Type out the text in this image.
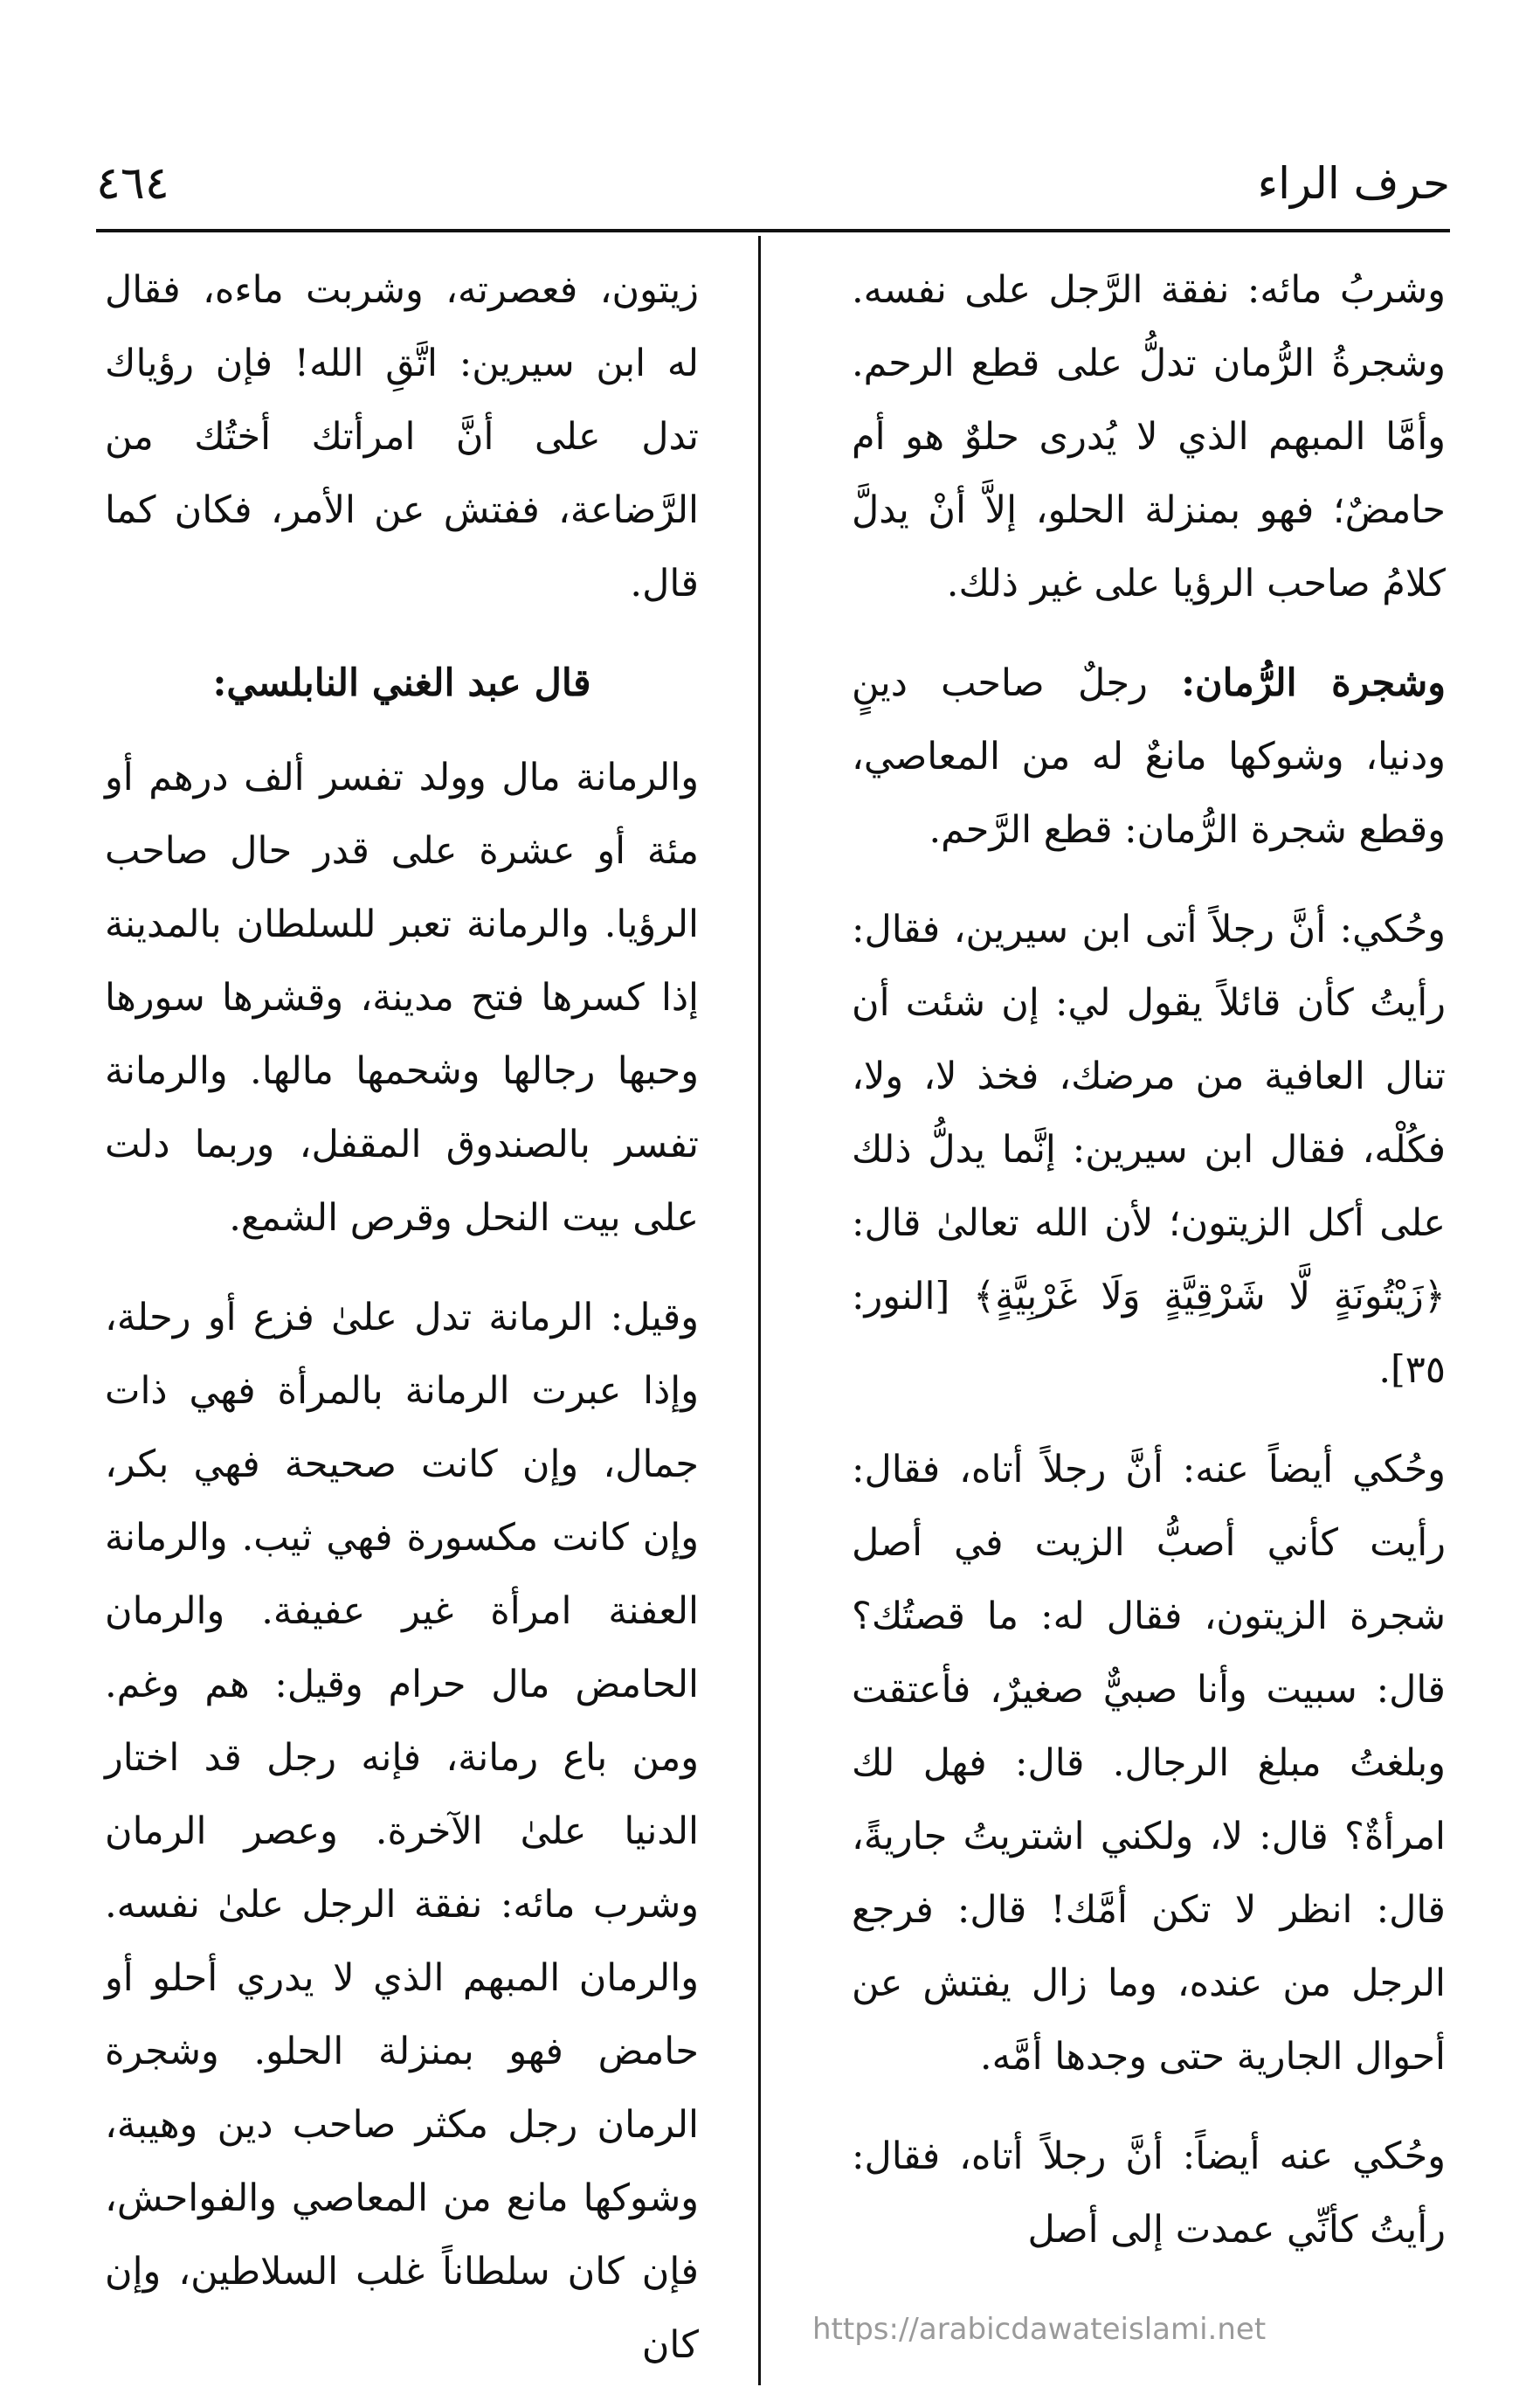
حرف الراء
٤٦٤

وشربُ مائه: نفقة الرَّجل على نفسه. وشجرةُ الرُّمان تدلُّ على قطع الرحم. وأمَّا المبهم الذي لا يُدرى حلوٌ هو أم حامضٌ؛ فهو بمنزلة الحلو، إلاَّ أنْ يدلَّ كلامُ صاحب الرؤيا على غير ذلك.

وشجرة الرُّمان: رجلٌ صاحب دينٍ ودنيا، وشوكها مانعٌ له من المعاصي، وقطع شجرة الرُّمان: قطع الرَّحم.

وحُكي: أنَّ رجلاً أتى ابن سيرين، فقال: رأيتُ كأن قائلاً يقول لي: إن شئت أن تنال العافية من مرضك، فخذ لا، ولا، فكُلْه، فقال ابن سيرين: إنَّما يدلُّ ذلك على أكل الزيتون؛ لأن الله تعالىٰ قال: ﴿زَيْتُونَةٍ لَّا شَرْقِيَّةٍ وَلَا غَرْبِيَّةٍ﴾ [النور: ٣٥].

وحُكي أيضاً عنه: أنَّ رجلاً أتاه، فقال: رأيت كأني أصبُّ الزيت في أصل شجرة الزيتون، فقال له: ما قصتُك؟ قال: سبيت وأنا صبيٌّ صغيرٌ، فأعتقت وبلغتُ مبلغ الرجال. قال: فهل لك امرأةٌ؟ قال: لا، ولكني اشتريتُ جاريةً، قال: انظر لا تكن أمَّك! قال: فرجع الرجل من عنده، وما زال يفتش عن أحوال الجارية حتى وجدها أمَّه.

وحُكي عنه أيضاً: أنَّ رجلاً أتاه، فقال: رأيتُ كأنِّي عمدت إلى أصل

زيتون، فعصرته، وشربت ماءه، فقال له ابن سيرين: اتَّقِ الله! فإن رؤياك تدل على أنَّ امرأتك أختُك من الرَّضاعة، ففتش عن الأمر، فكان كما قال.

قال عبد الغني النابلسي:

والرمانة مال وولد تفسر ألف درهم أو مئة أو عشرة على قدر حال صاحب الرؤيا. والرمانة تعبر للسلطان بالمدينة إذا كسرها فتح مدينة، وقشرها سورها وحبها رجالها وشحمها مالها. والرمانة تفسر بالصندوق المقفل، وربما دلت على بيت النحل وقرص الشمع.

وقيل: الرمانة تدل علىٰ فزع أو رحلة، وإذا عبرت الرمانة بالمرأة فهي ذات جمال، وإن كانت صحيحة فهي بكر، وإن كانت مكسورة فهي ثيب. والرمانة العفنة امرأة غير عفيفة. والرمان الحامض مال حرام وقيل: هم وغم. ومن باع رمانة، فإنه رجل قد اختار الدنيا علىٰ الآخرة. وعصر الرمان وشرب مائه: نفقة الرجل علىٰ نفسه. والرمان المبهم الذي لا يدري أحلو أو حامض فهو بمنزلة الحلو. وشجرة الرمان رجل مكثر صاحب دين وهيبة، وشوكها مانع من المعاصي والفواحش، فإن كان سلطاناً غلب السلاطين، وإن كان	https://arabicdawateislami.net
